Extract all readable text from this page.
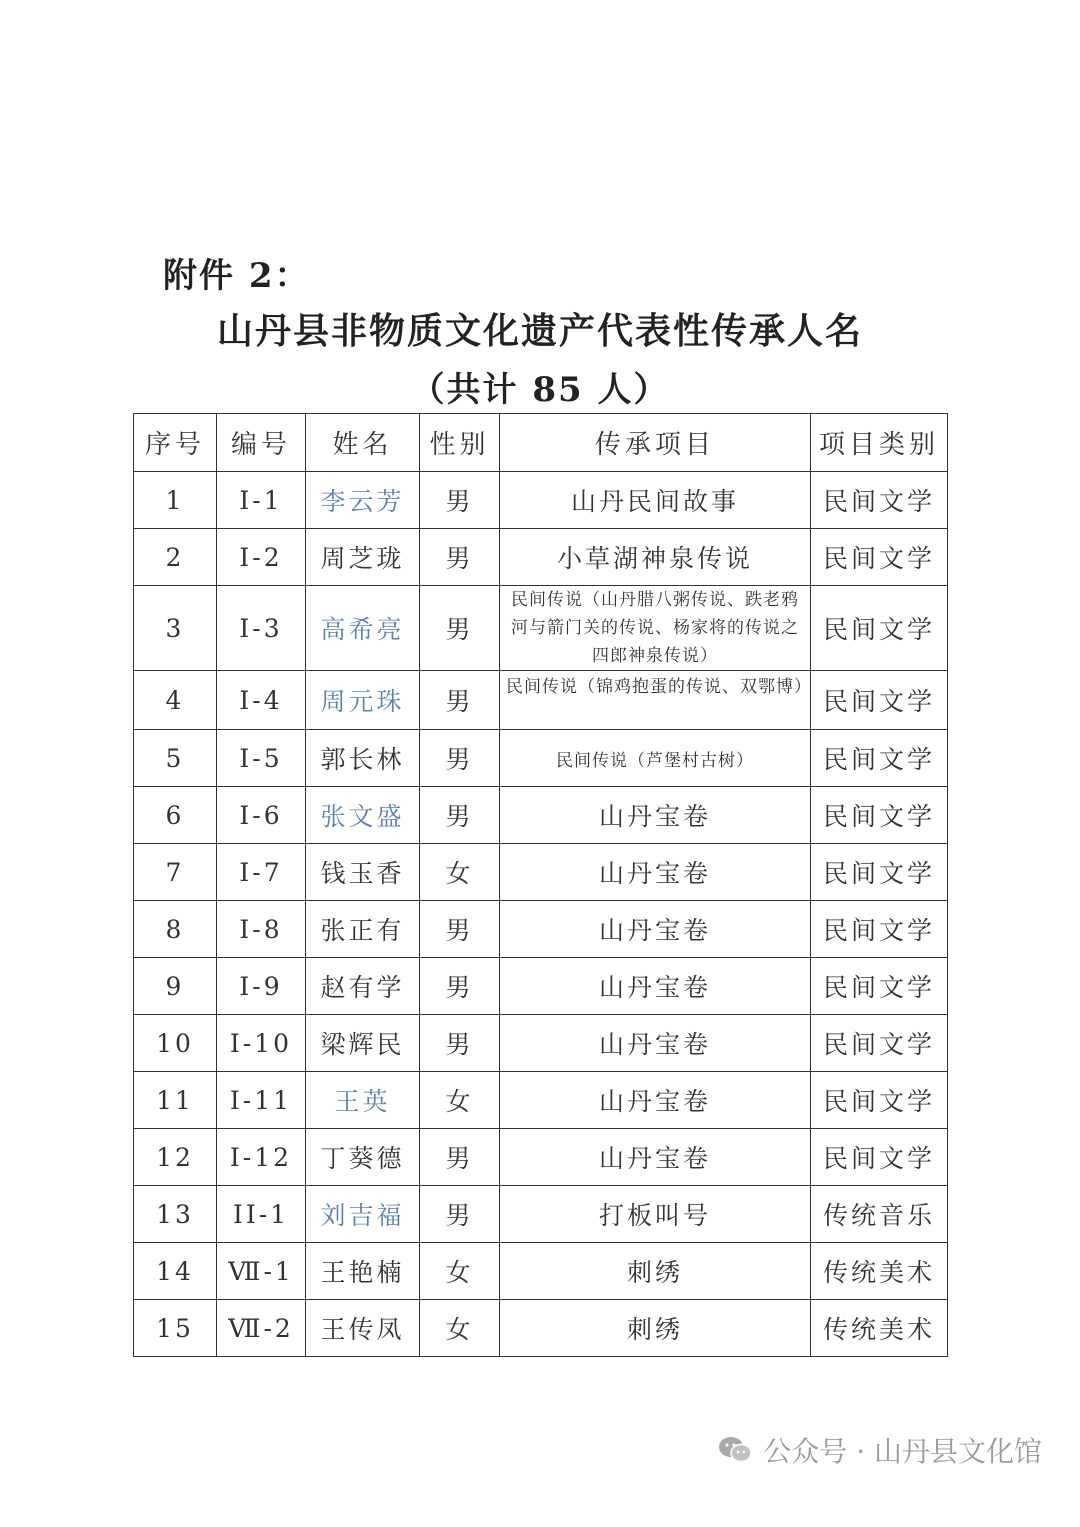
附件 2：
山丹县非物质文化遗产代表性传承人名
（共计 85 人）
序号	编号	姓名	性别	传承项目	项目类别
1	I-1	李云芳	男	山丹民间故事	民间文学
2	I-2	周芝珑	男	小草湖神泉传说	民间文学
3	I-3	高希亮	男	民间传说（山丹腊八粥传说、跌老鸦河与箭门关的传说、杨家将的传说之四郎神泉传说）	民间文学
4	I-4	周元珠	男	民间传说（锦鸡抱蛋的传说、双鄂博）	民间文学
5	I-5	郭长林	男	民间传说（芦堡村古树）	民间文学
6	I-6	张文盛	男	山丹宝卷	民间文学
7	I-7	钱玉香	女	山丹宝卷	民间文学
8	I-8	张正有	男	山丹宝卷	民间文学
9	I-9	赵有学	男	山丹宝卷	民间文学
10	I-10	梁辉民	男	山丹宝卷	民间文学
11	I-11	王英	女	山丹宝卷	民间文学
12	I-12	丁葵德	男	山丹宝卷	民间文学
13	II-1	刘吉福	男	打板叫号	传统音乐
14	Ⅶ-1	王艳楠	女	刺绣	传统美术
15	Ⅶ-2	王传凤	女	刺绣	传统美术
公众号 · 山丹县文化馆
